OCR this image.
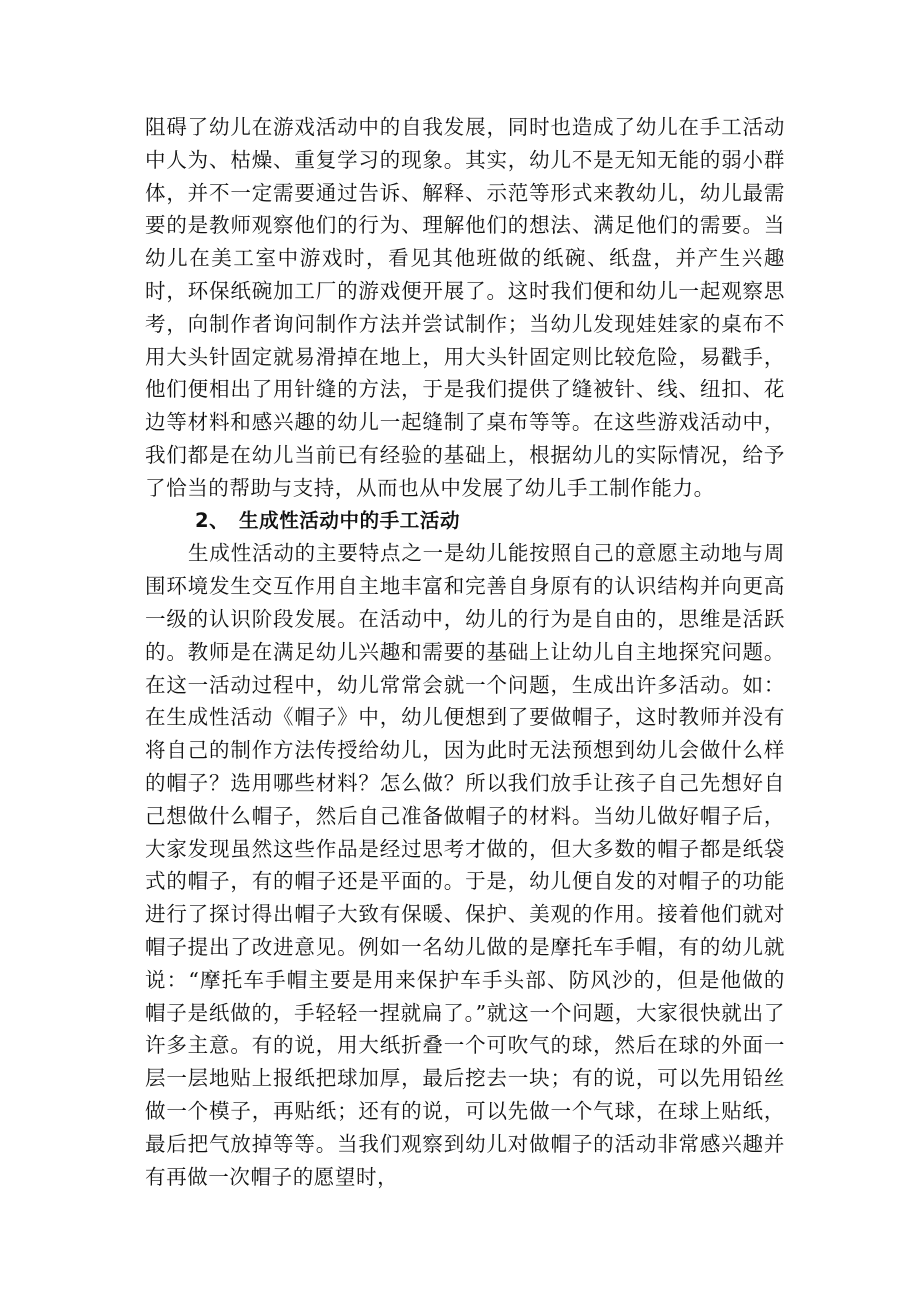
阻碍了幼儿在游戏活动中的自我发展，同时也造成了幼儿在手工活动中人为、枯燥、重复学习的现象。其实，幼儿不是无知无能的弱小群体，并不一定需要通过告诉、解释、示范等形式来教幼儿，幼儿最需要的是教师观察他们的行为、理解他们的想法、满足他们的需要。当幼儿在美工室中游戏时，看见其他班做的纸碗、纸盘，并产生兴趣时，环保纸碗加工厂的游戏便开展了。这时我们便和幼儿一起观察思考，向制作者询问制作方法并尝试制作；当幼儿发现娃娃家的桌布不用大头针固定就易滑掉在地上，用大头针固定则比较危险，易戳手，他们便相出了用针缝的方法，于是我们提供了缝被针、线、纽扣、花边等材料和感兴趣的幼儿一起缝制了桌布等等。在这些游戏活动中，我们都是在幼儿当前已有经验的基础上，根据幼儿的实际情况，给予了恰当的帮助与支持，从而也从中发展了幼儿手工制作能力。

2、 生成性活动中的手工活动

生成性活动的主要特点之一是幼儿能按照自己的意愿主动地与周围环境发生交互作用自主地丰富和完善自身原有的认识结构并向更高一级的认识阶段发展。在活动中，幼儿的行为是自由的，思维是活跃的。教师是在满足幼儿兴趣和需要的基础上让幼儿自主地探究问题。在这一活动过程中，幼儿常常会就一个问题，生成出许多活动。如：在生成性活动《帽子》中，幼儿便想到了要做帽子，这时教师并没有将自己的制作方法传授给幼儿，因为此时无法预想到幼儿会做什么样的帽子？选用哪些材料？怎么做？所以我们放手让孩子自己先想好自己想做什么帽子，然后自己准备做帽子的材料。当幼儿做好帽子后，大家发现虽然这些作品是经过思考才做的，但大多数的帽子都是纸袋式的帽子，有的帽子还是平面的。于是，幼儿便自发的对帽子的功能进行了探讨得出帽子大致有保暖、保护、美观的作用。接着他们就对帽子提出了改进意见。例如一名幼儿做的是摩托车手帽，有的幼儿就说：“摩托车手帽主要是用来保护车手头部、防风沙的，但是他做的帽子是纸做的，手轻轻一捏就扁了。”就这一个问题，大家很快就出了许多主意。有的说，用大纸折叠一个可吹气的球，然后在球的外面一层一层地贴上报纸把球加厚，最后挖去一块；有的说，可以先用铅丝做一个模子，再贴纸；还有的说，可以先做一个气球，在球上贴纸，最后把气放掉等等。当我们观察到幼儿对做帽子的活动非常感兴趣并有再做一次帽子的愿望时，
